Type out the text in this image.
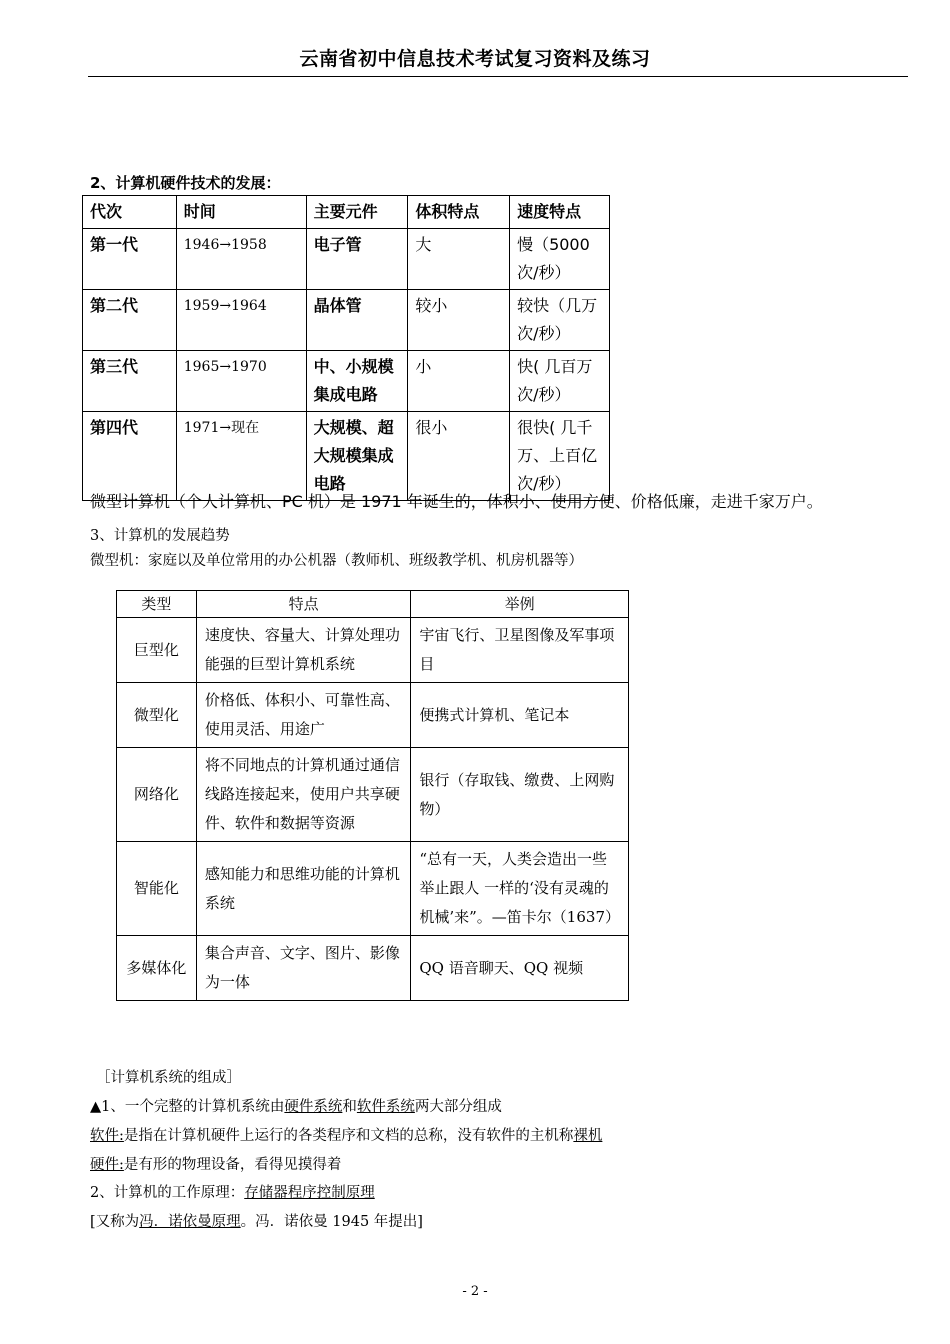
云南省初中信息技术考试复习资料及练习
2、计算机硬件技术的发展：
代次	时间	主要元件	体积特点	速度特点
第一代	1946→1958	电子管	大	慢（5000次/秒）
第二代	1959→1964	晶体管	较小	较快（几万次/秒）
第三代	1965→1970	中、小规模集成电路	小	快( 几百万次/秒）
第四代	1971→现在	大规模、超大规模集成电路	很小	很快( 几千万、上百亿次/秒）
微型计算机（个人计算机、PC 机）是 1971 年诞生的，体积小、使用方便、价格低廉，走进千家万户。
3、计算机的发展趋势
微型机：家庭以及单位常用的办公机器（教师机、班级教学机、机房机器等）
类型	特点	举例
巨型化	速度快、容量大、计算处理功能强的巨型计算机系统	宇宙飞行、卫星图像及军事项目
微型化	价格低、体积小、可靠性高、使用灵活、用途广	便携式计算机、笔记本
网络化	将不同地点的计算机通过通信线路连接起来，使用户共享硬件、软件和数据等资源	银行（存取钱、缴费、上网购物）
智能化	感知能力和思维功能的计算机系统	“总有一天，人类会造出一些举止跟人 一样的‘没有灵魂的机械’来”。—笛卡尔（1637）
多媒体化	集合声音、文字、图片、影像为一体	QQ 语音聊天、QQ 视频
［计算机系统的组成］
▲1、一个完整的计算机系统由硬件系统和软件系统两大部分组成
软件:是指在计算机硬件上运行的各类程序和文档的总称，没有软件的主机称裸机
硬件:是有形的物理设备，看得见摸得着
2、计算机的工作原理：存储器程序控制原理
[又称为冯．诺依曼原理。冯．诺依曼 1945 年提出]
- 2 -
